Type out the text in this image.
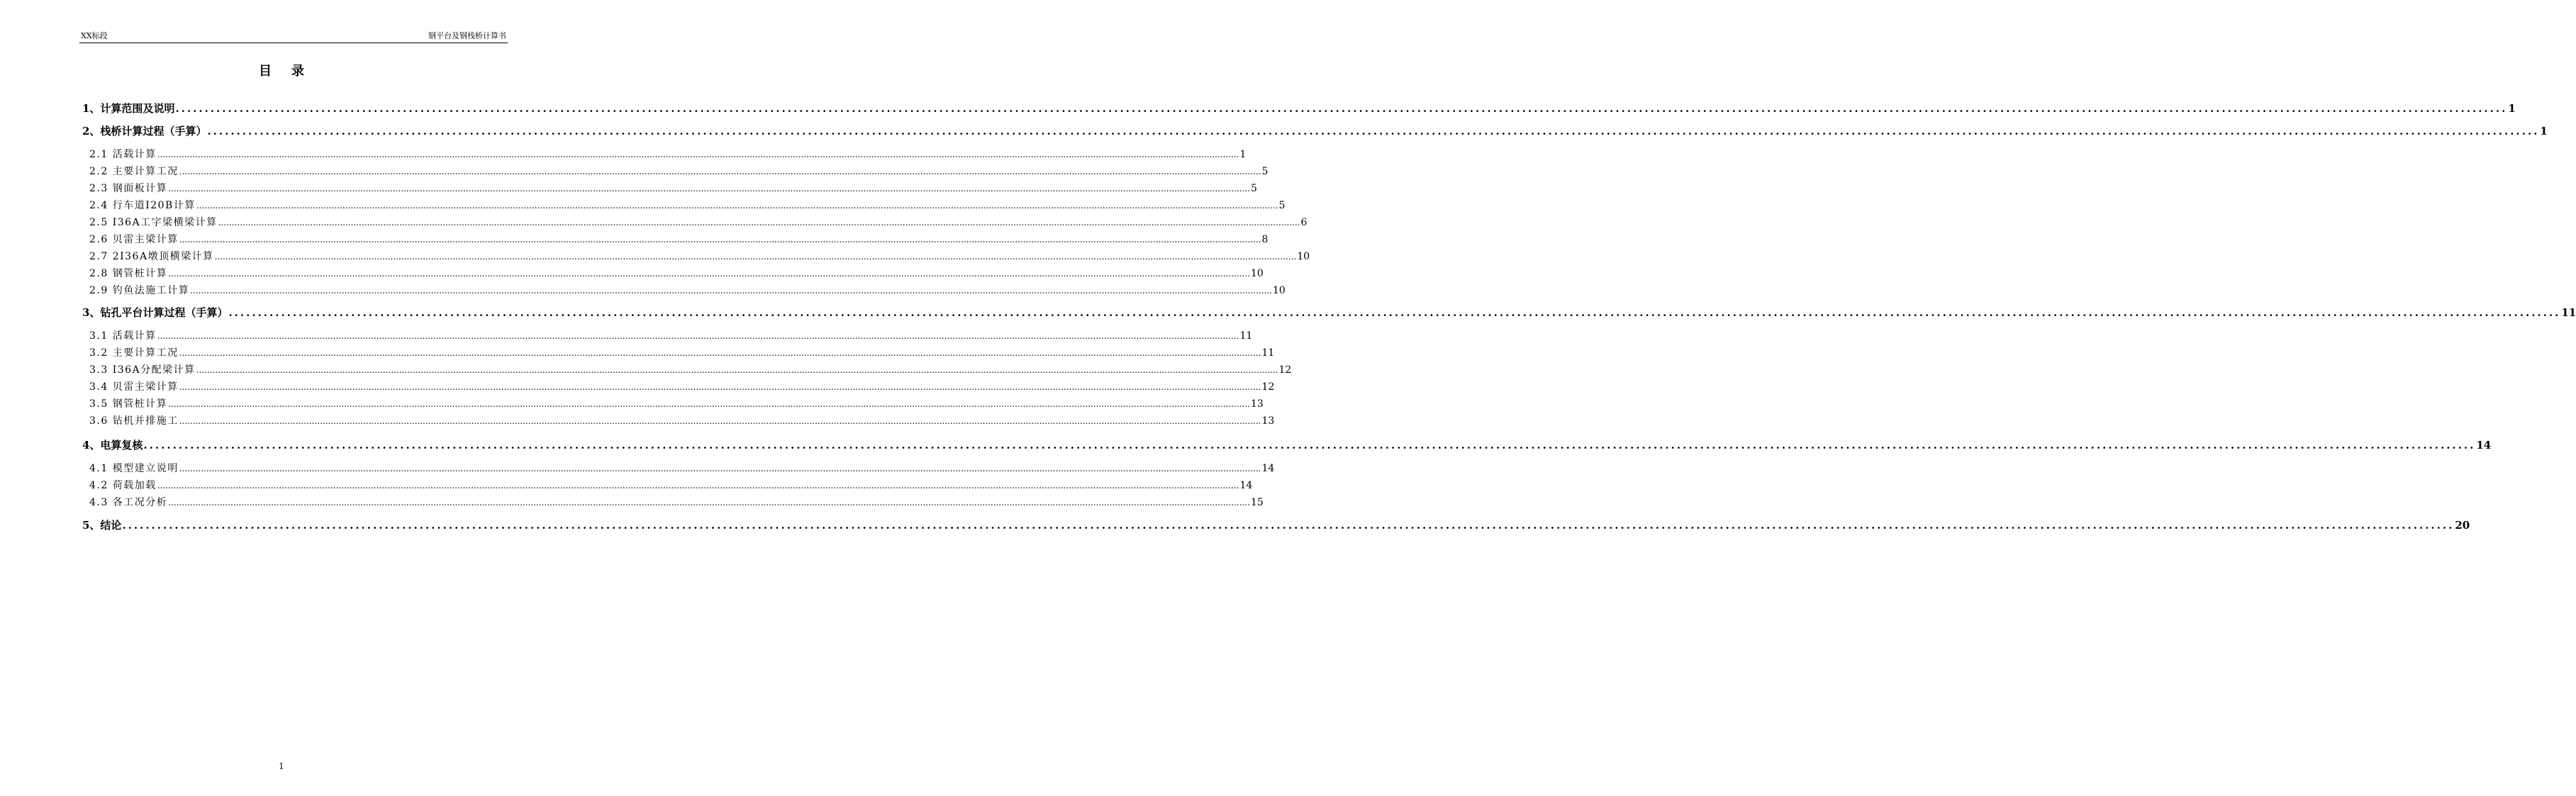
XX标段	钢平台及钢栈桥计算书
目录
1、计算范围及说明 ................................................................................................................................................................................................................................................................................................................................................................................................................ 1
2、栈桥计算过程（手算） ................................................................................................................................................................................................................................................................................................................................................................................................................ 1
2.1 活载计算 ................................................................................................................................................................................................................................................................................................................................................................................................................ 1
2.2 主要计算工况 ................................................................................................................................................................................................................................................................................................................................................................................................................ 5
2.3 钢面板计算 ................................................................................................................................................................................................................................................................................................................................................................................................................ 5
2.4 行车道I20B计算 ................................................................................................................................................................................................................................................................................................................................................................................................................ 5
2.5 I36A工字梁横梁计算 ................................................................................................................................................................................................................................................................................................................................................................................................................ 6
2.6 贝雷主梁计算 ................................................................................................................................................................................................................................................................................................................................................................................................................ 8
2.7 2I36A墩顶横梁计算 ................................................................................................................................................................................................................................................................................................................................................................................................................ 10
2.8 钢管桩计算 ................................................................................................................................................................................................................................................................................................................................................................................................................ 10
2.9 钓鱼法施工计算 ................................................................................................................................................................................................................................................................................................................................................................................................................ 10
3、钻孔平台计算过程（手算） ................................................................................................................................................................................................................................................................................................................................................................................................................ 11
3.1 活载计算 ................................................................................................................................................................................................................................................................................................................................................................................................................ 11
3.2 主要计算工况 ................................................................................................................................................................................................................................................................................................................................................................................................................ 11
3.3 I36A分配梁计算 ................................................................................................................................................................................................................................................................................................................................................................................................................ 12
3.4 贝雷主梁计算 ................................................................................................................................................................................................................................................................................................................................................................................................................ 12
3.5 钢管桩计算 ................................................................................................................................................................................................................................................................................................................................................................................................................ 13
3.6 钻机并排施工 ................................................................................................................................................................................................................................................................................................................................................................................................................ 13
4、电算复核 ................................................................................................................................................................................................................................................................................................................................................................................................................ 14
4.1 模型建立说明 ................................................................................................................................................................................................................................................................................................................................................................................................................ 14
4.2 荷载加载 ................................................................................................................................................................................................................................................................................................................................................................................................................ 14
4.3 各工况分析 ................................................................................................................................................................................................................................................................................................................................................................................................................ 15
5、结论 ................................................................................................................................................................................................................................................................................................................................................................................................................ 20
1
